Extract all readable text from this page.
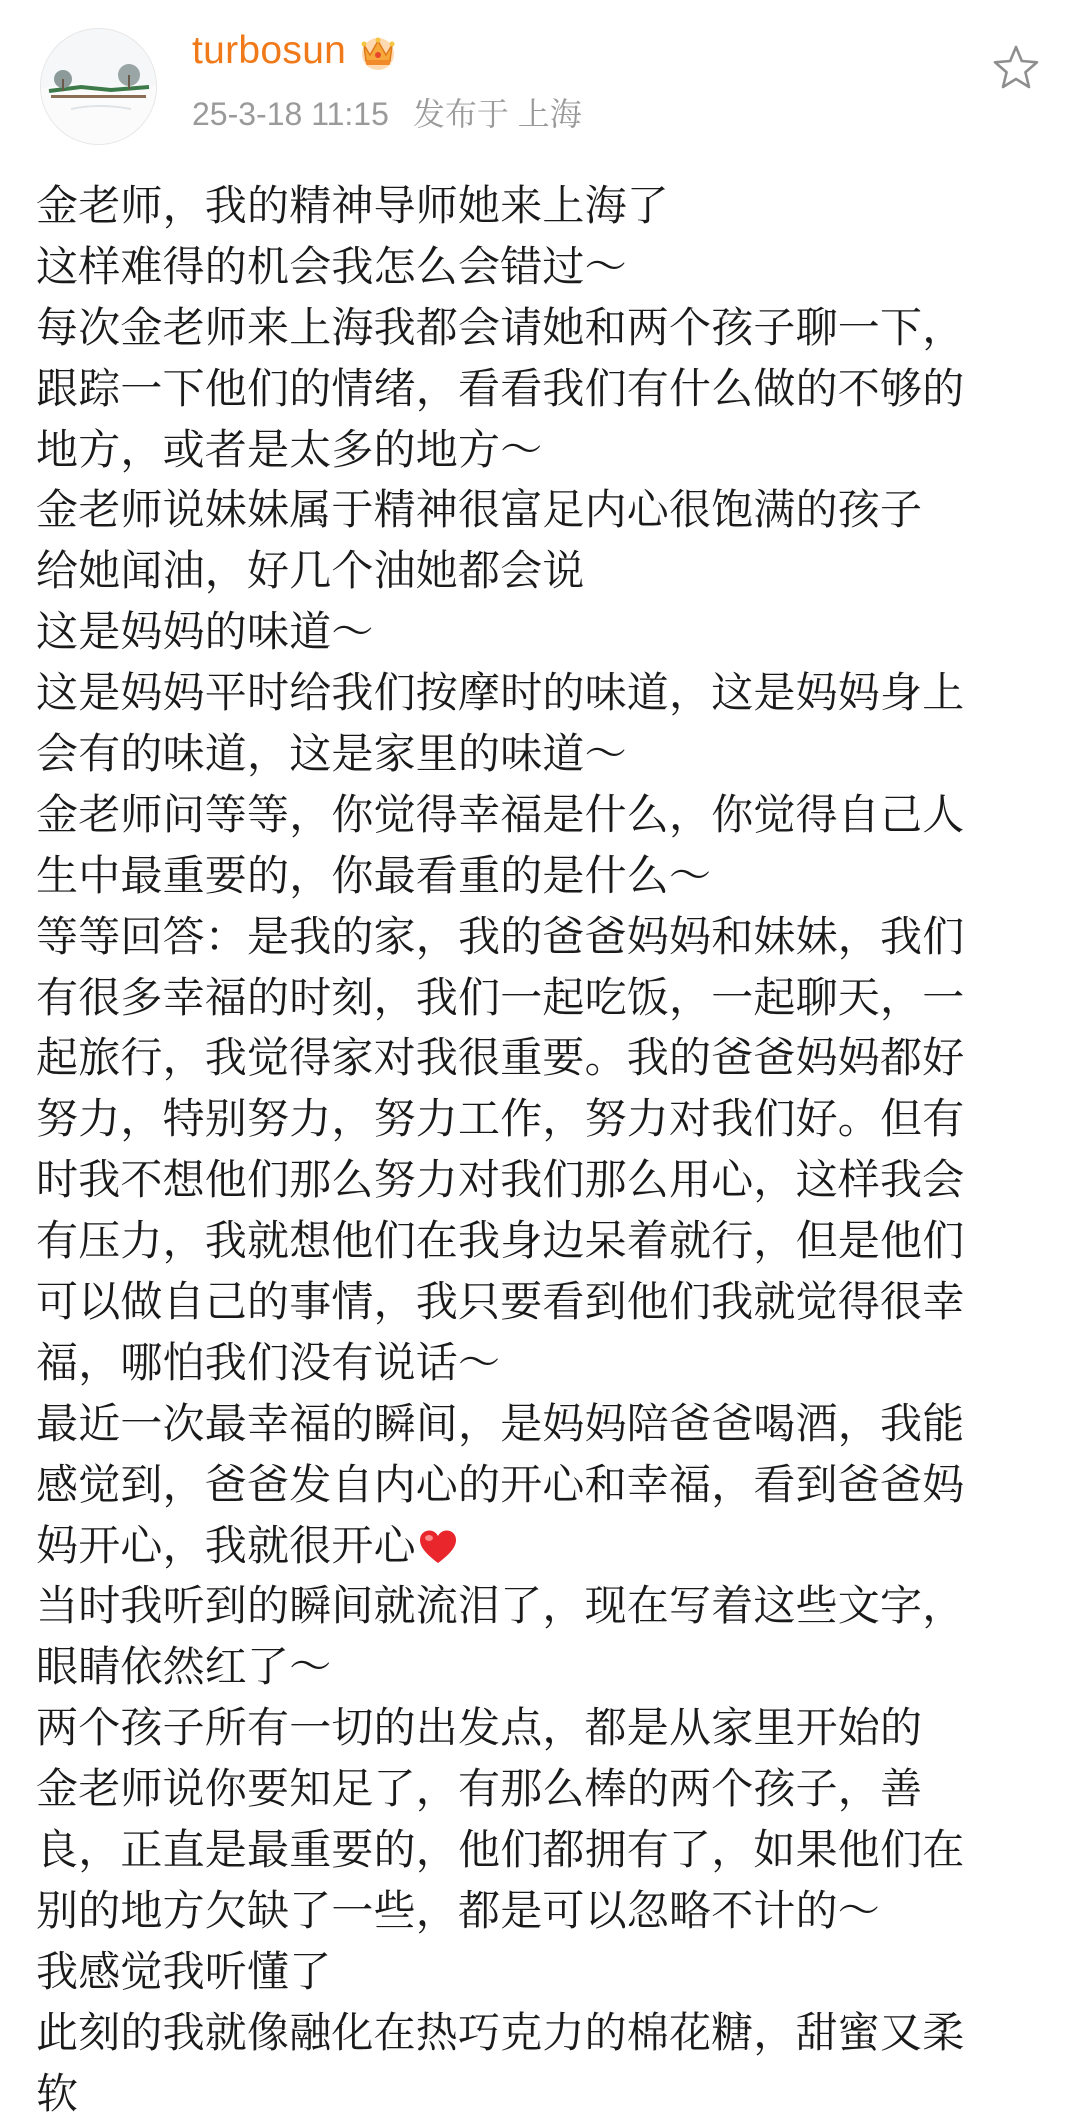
turbosun
25-3-18 11:15 发布于 上海
金老师，我的精神导师她来上海了
这样难得的机会我怎么会错过～
每次金老师来上海我都会请她和两个孩子聊一下，
跟踪一下他们的情绪，看看我们有什么做的不够的
地方，或者是太多的地方～
金老师说妹妹属于精神很富足内心很饱满的孩子
给她闻油，好几个油她都会说
这是妈妈的味道～
这是妈妈平时给我们按摩时的味道，这是妈妈身上
会有的味道，这是家里的味道～
金老师问等等，你觉得幸福是什么，你觉得自己人
生中最重要的，你最看重的是什么～
等等回答：是我的家，我的爸爸妈妈和妹妹，我们
有很多幸福的时刻，我们一起吃饭，一起聊天，一
起旅行，我觉得家对我很重要。我的爸爸妈妈都好
努力，特别努力，努力工作，努力对我们好。但有
时我不想他们那么努力对我们那么用心，这样我会
有压力，我就想他们在我身边呆着就行，但是他们
可以做自己的事情，我只要看到他们我就觉得很幸
福，哪怕我们没有说话～
最近一次最幸福的瞬间，是妈妈陪爸爸喝酒，我能
感觉到，爸爸发自内心的开心和幸福，看到爸爸妈
妈开心，我就很开心
当时我听到的瞬间就流泪了，现在写着这些文字，
眼睛依然红了～
两个孩子所有一切的出发点，都是从家里开始的
金老师说你要知足了，有那么棒的两个孩子，善
良，正直是最重要的，他们都拥有了，如果他们在
别的地方欠缺了一些，都是可以忽略不计的～
我感觉我听懂了
此刻的我就像融化在热巧克力的棉花糖，甜蜜又柔
软
